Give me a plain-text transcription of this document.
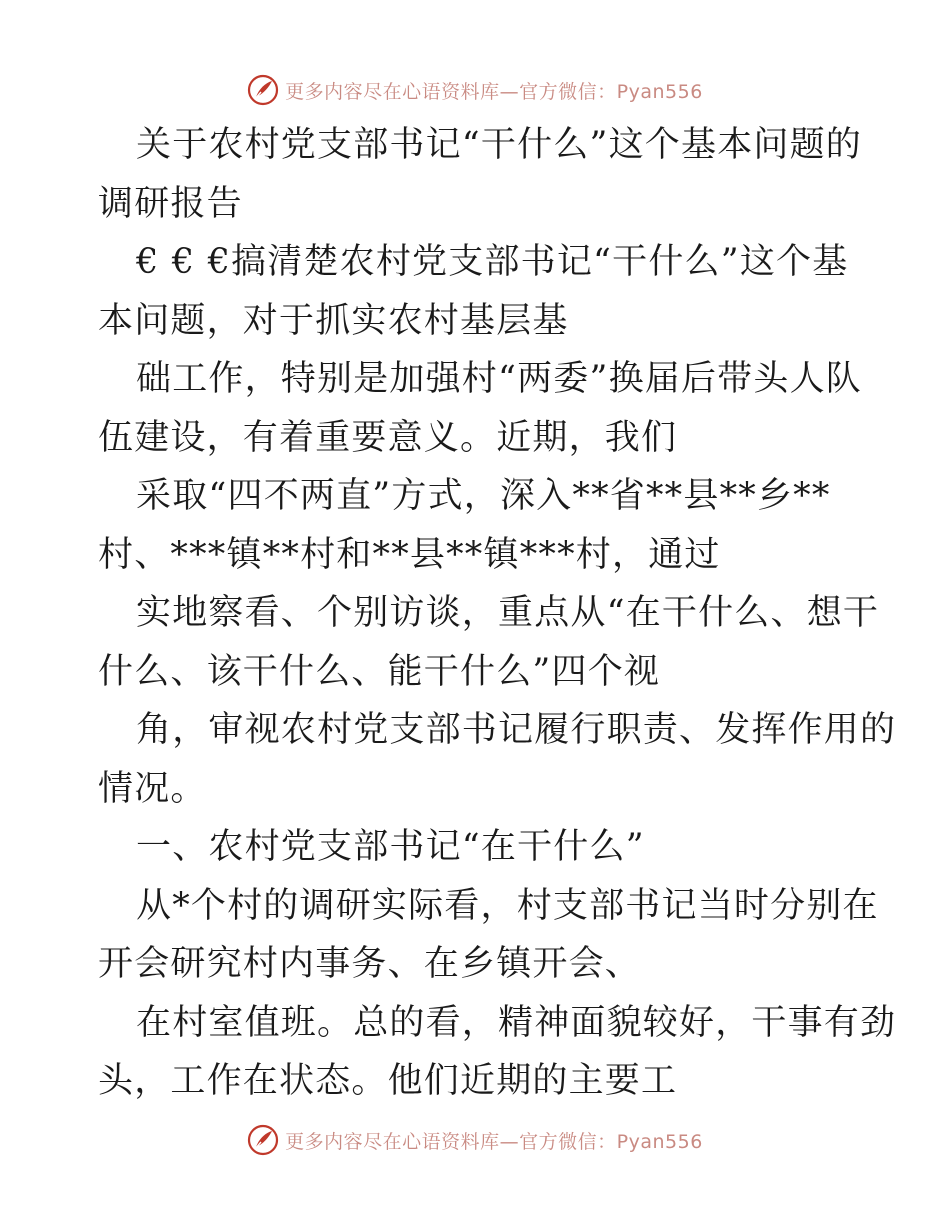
更多内容尽在心语资料库—官方微信：Pyan556
关于农村党支部书记“干什么”这个基本问题的
调研报告
€ € €搞清楚农村党支部书记“干什么”这个基
本问题，对于抓实农村基层基
础工作，特别是加强村“两委”换届后带头人队
伍建设，有着重要意义。近期，我们
采取“四不两直”方式，深入**省**县**乡**
村、***镇**村和**县**镇***村，通过
实地察看、个别访谈，重点从“在干什么、想干
什么、该干什么、能干什么”四个视
角，审视农村党支部书记履行职责、发挥作用的
情况。
一、农村党支部书记“在干什么”
从*个村的调研实际看，村支部书记当时分别在
开会研究村内事务、在乡镇开会、
在村室值班。总的看，精神面貌较好，干事有劲
头，工作在状态。他们近期的主要工
更多内容尽在心语资料库—官方微信：Pyan556
